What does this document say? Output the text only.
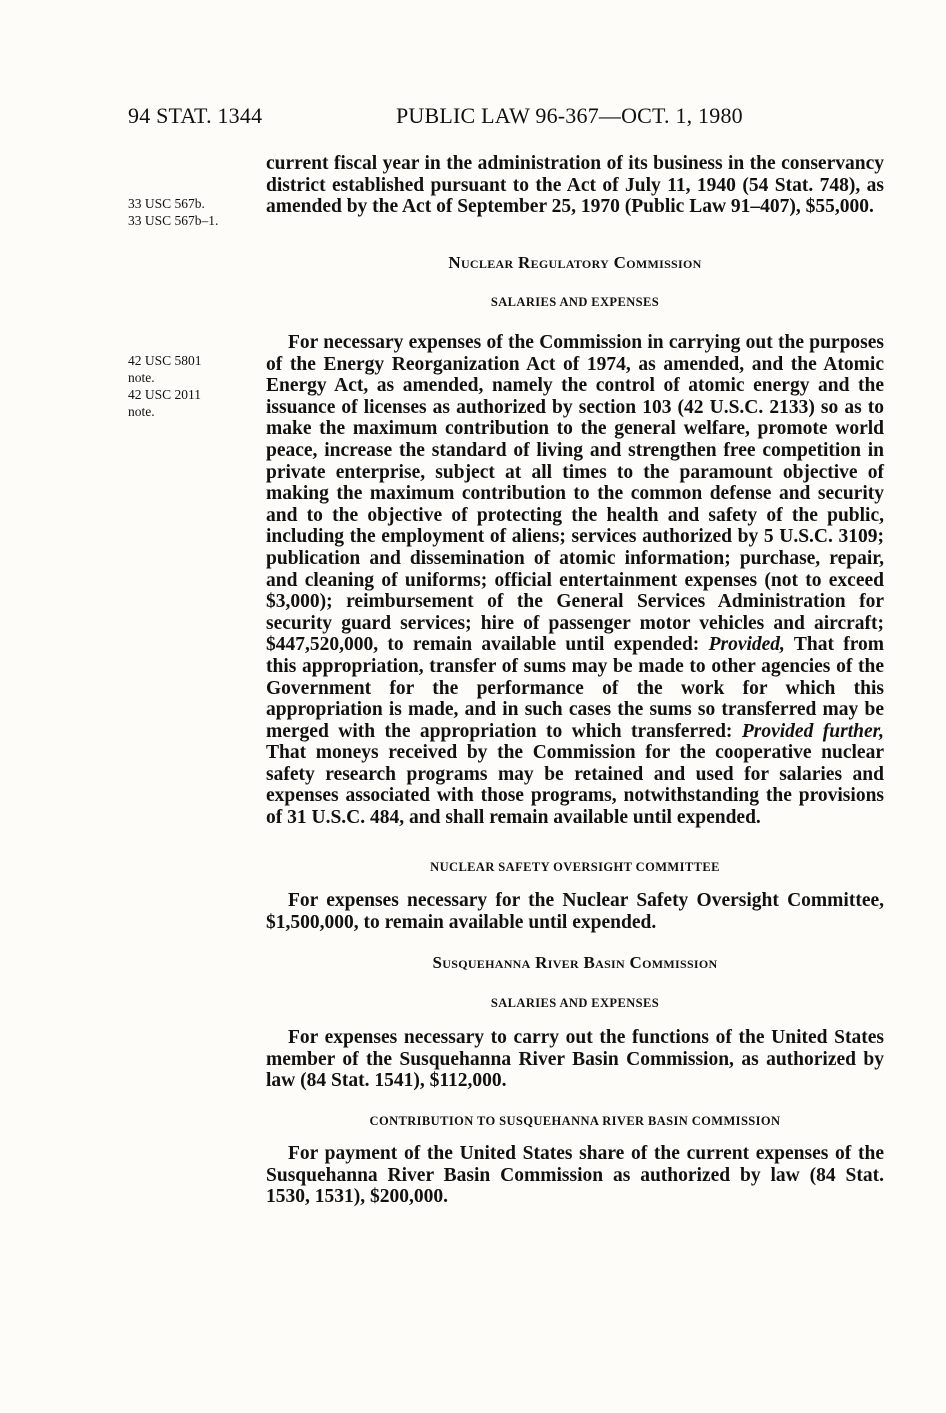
94 STAT. 1344	PUBLIC LAW 96-367—OCT. 1, 1980
33 USC 567b.
33 USC 567b–1.
42 USC 5801
note.
42 USC 2011
note.

current fiscal year in the administration of its business in the conservancy district established pursuant to the Act of July 11, 1940 (54 Stat. 748), as amended by the Act of September 25, 1970 (Public Law 91–407), $55,000.

Nuclear Regulatory Commission
SALARIES AND EXPENSES

For necessary expenses of the Commission in carrying out the purposes of the Energy Reorganization Act of 1974, as amended, and the Atomic Energy Act, as amended, namely the control of atomic energy and the issuance of licenses as authorized by section 103 (42 U.S.C. 2133) so as to make the maximum contribution to the general welfare, promote world peace, increase the standard of living and strengthen free competition in private enterprise, subject at all times to the paramount objective of making the maximum contribution to the common defense and security and to the objective of protecting the health and safety of the public, including the employment of aliens; services authorized by 5 U.S.C. 3109; publication and dissemination of atomic information; purchase, repair, and cleaning of uniforms; official entertainment expenses (not to exceed $3,000); reimbursement of the General Services Administration for security guard services; hire of passenger motor vehicles and aircraft; $447,520,000, to remain available until expended: Provided, That from this appropriation, transfer of sums may be made to other agencies of the Government for the performance of the work for which this appropriation is made, and in such cases the sums so transferred may be merged with the appropriation to which transferred: Provided further, That moneys received by the Commission for the cooperative nuclear safety research programs may be retained and used for salaries and expenses associated with those programs, notwithstanding the provisions of 31 U.S.C. 484, and shall remain available until expended.

NUCLEAR SAFETY OVERSIGHT COMMITTEE

For expenses necessary for the Nuclear Safety Oversight Committee, $1,500,000, to remain available until expended.

Susquehanna River Basin Commission
SALARIES AND EXPENSES

For expenses necessary to carry out the functions of the United States member of the Susquehanna River Basin Commission, as authorized by law (84 Stat. 1541), $112,000.

CONTRIBUTION TO SUSQUEHANNA RIVER BASIN COMMISSION

For payment of the United States share of the current expenses of the Susquehanna River Basin Commission as authorized by law (84 Stat. 1530, 1531), $200,000.
